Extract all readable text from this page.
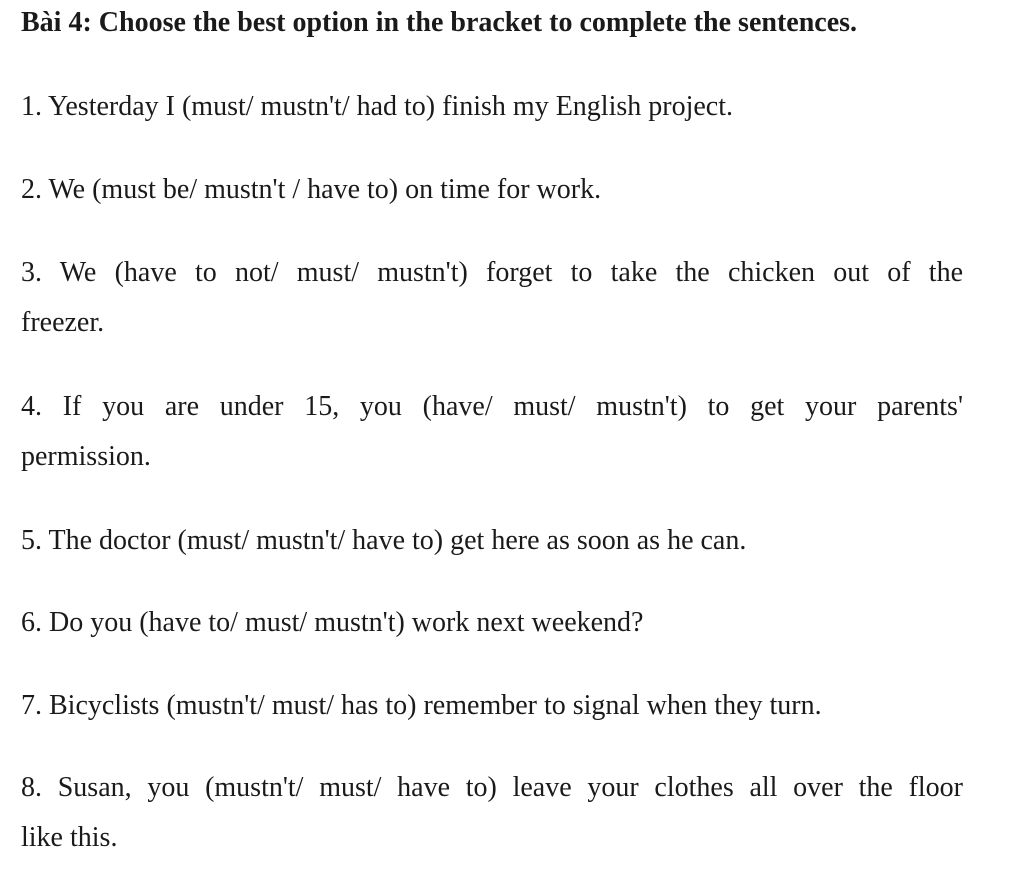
Bài 4: Choose the best option in the bracket to complete the sentences.

1. Yesterday I (must/ mustn't/ had to) finish my English project.

2. We (must be/ mustn't / have to) on time for work.

3. We (have to not/ must/ mustn't) forget to take the chicken out of the
freezer.

4. If you are under 15, you (have/ must/ mustn't) to get your parents'
permission.

5. The doctor (must/ mustn't/ have to) get here as soon as he can.

6. Do you (have to/ must/ mustn't) work next weekend?

7. Bicyclists (mustn't/ must/ has to) remember to signal when they turn.

8. Susan, you (mustn't/ must/ have to) leave your clothes all over the floor
like this.
